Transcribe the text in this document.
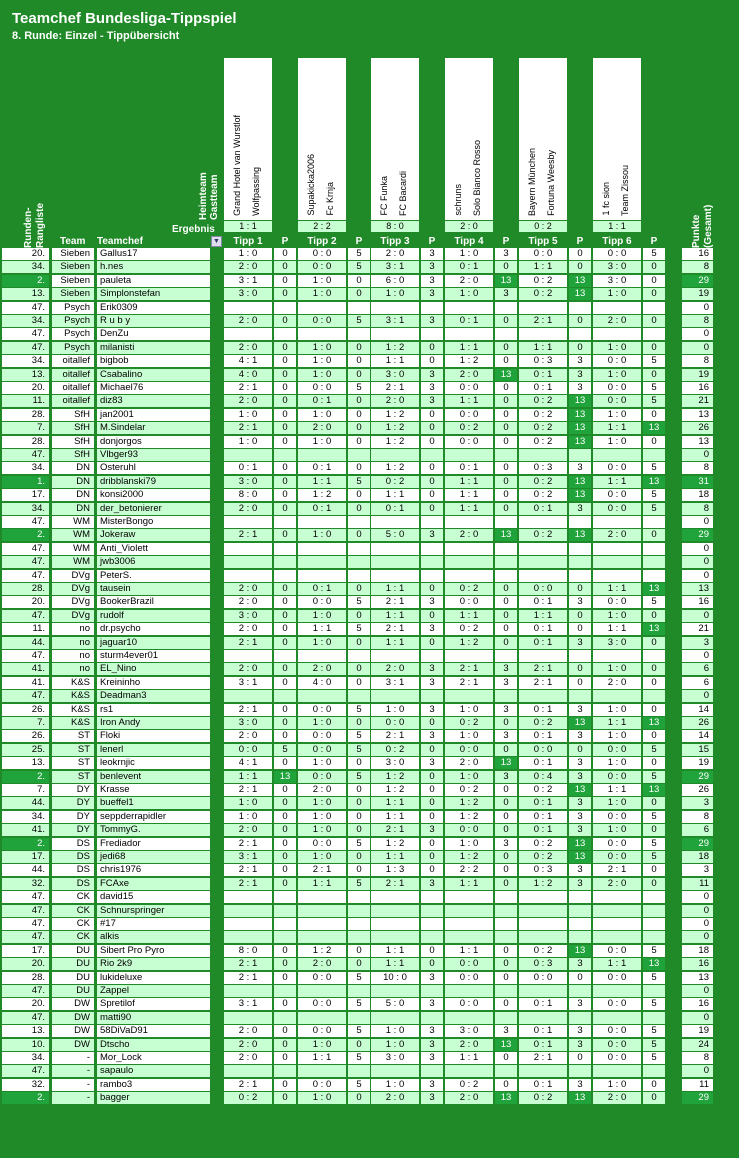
Teamchef Bundesliga-Tippspiel
8. Runde: Einzel - Tippübersicht
Grand Hotel van Wurstlof Wolfpassing
1 : 1
Supakicka2006 Fc Krnja
2 : 2
FC Funka FC Bacardi
8 : 0
schruns Solo Bianco Rosso
2 : 0
Bayern München Fortuna Weesby
0 : 2
1 fc sion Team Zissou
1 : 1
Heimteam Gastteam
Ergebnis
Runden- Rangliste	Punkte (Gesamt)
Team	Teamchef	▼	Tipp 1	P	Tipp 2	P	Tipp 3	P	Tipp 4	P	Tipp 5	P	Tipp 6	P
20.	Sieben	Gallus17	1 : 0	0	0 : 0	5	2 : 0	3	1 : 0	3	0 : 0	0	0 : 0	5	16
34.	Sieben	h.nes	2 : 0	0	0 : 0	5	3 : 1	3	0 : 1	0	1 : 1	0	3 : 0	0	8
2.	Sieben	pauleta	3 : 1	0	1 : 0	0	6 : 0	3	2 : 0	13	0 : 2	13	3 : 0	0	29
13.	Sieben	Simplonstefan	3 : 0	0	1 : 0	0	1 : 0	3	1 : 0	3	0 : 2	13	1 : 0	0	19
47.	Psych	Erik0309	0
34.	Psych	R u b y	2 : 0	0	0 : 0	5	3 : 1	3	0 : 1	0	2 : 1	0	2 : 0	0	8
47.	Psych	DenZu	0
47.	Psych	milanisti	2 : 0	0	1 : 0	0	1 : 2	0	1 : 1	0	1 : 1	0	1 : 0	0	0
34.	oitallef	bigbob	4 : 1	0	1 : 0	0	1 : 1	0	1 : 2	0	0 : 3	3	0 : 0	5	8
13.	oitallef	Csabalino	4 : 0	0	1 : 0	0	3 : 0	3	2 : 0	13	0 : 1	3	1 : 0	0	19
20.	oitallef	Michael76	2 : 1	0	0 : 0	5	2 : 1	3	0 : 0	0	0 : 1	3	0 : 0	5	16
11.	oitallef	diz83	2 : 0	0	0 : 1	0	2 : 0	3	1 : 1	0	0 : 2	13	0 : 0	5	21
28.	SfH	jan2001	1 : 0	0	1 : 0	0	1 : 2	0	0 : 0	0	0 : 2	13	1 : 0	0	13
7.	SfH	M.Sindelar	2 : 1	0	2 : 0	0	1 : 2	0	0 : 2	0	0 : 2	13	1 : 1	13	26
28.	SfH	donjorgos	1 : 0	0	1 : 0	0	1 : 2	0	0 : 0	0	0 : 2	13	1 : 0	0	13
47.	SfH	Vlbger93	0
34.	DN	Osteruhl	0 : 1	0	0 : 1	0	1 : 2	0	0 : 1	0	0 : 3	3	0 : 0	5	8
1.	DN	dribblanski79	3 : 0	0	1 : 1	5	0 : 2	0	1 : 1	0	0 : 2	13	1 : 1	13	31
17.	DN	konsi2000	8 : 0	0	1 : 2	0	1 : 1	0	1 : 1	0	0 : 2	13	0 : 0	5	18
34.	DN	der_betonierer	2 : 0	0	0 : 1	0	0 : 1	0	1 : 1	0	0 : 1	3	0 : 0	5	8
47.	WM	MisterBongo	0
2.	WM	Jokeraw	2 : 1	0	1 : 0	0	5 : 0	3	2 : 0	13	0 : 2	13	2 : 0	0	29
47.	WM	Anti_Violett	0
47.	WM	jwb3006	0
47.	DVg	PeterS.	0
28.	DVg	tausein	2 : 0	0	0 : 1	0	1 : 1	0	0 : 2	0	0 : 0	0	1 : 1	13	13
20.	DVg	BookerBrazil	2 : 0	0	0 : 0	5	2 : 1	3	0 : 0	0	0 : 1	3	0 : 0	5	16
47.	DVg	rudolf	3 : 0	0	1 : 0	0	1 : 1	0	1 : 1	0	1 : 1	0	1 : 0	0	0
11.	no	dr.psycho	2 : 0	0	1 : 1	5	2 : 1	3	0 : 2	0	0 : 1	0	1 : 1	13	21
44.	no	jaguar10	2 : 1	0	1 : 0	0	1 : 1	0	1 : 2	0	0 : 1	3	3 : 0	0	3
47.	no	sturm4ever01	0
41.	no	EL_Nino	2 : 0	0	2 : 0	0	2 : 0	3	2 : 1	3	2 : 1	0	1 : 0	0	6
41.	K&S	Kreininho	3 : 1	0	4 : 0	0	3 : 1	3	2 : 1	3	2 : 1	0	2 : 0	0	6
47.	K&S	Deadman3	0
26.	K&S	rs1	2 : 1	0	0 : 0	5	1 : 0	3	1 : 0	3	0 : 1	3	1 : 0	0	14
7.	K&S	Iron Andy	3 : 0	0	1 : 0	0	0 : 0	0	0 : 2	0	0 : 2	13	1 : 1	13	26
26.	ST	Floki	2 : 0	0	0 : 0	5	2 : 1	3	1 : 0	3	0 : 1	3	1 : 0	0	14
25.	ST	lenerl	0 : 0	5	0 : 0	5	0 : 2	0	0 : 0	0	0 : 0	0	0 : 0	5	15
13.	ST	leokrnjic	4 : 1	0	1 : 0	0	3 : 0	3	2 : 0	13	0 : 1	3	1 : 0	0	19
2.	ST	benlevent	1 : 1	13	0 : 0	5	1 : 2	0	1 : 0	3	0 : 4	3	0 : 0	5	29
7.	DY	Krasse	2 : 1	0	2 : 0	0	1 : 2	0	0 : 2	0	0 : 2	13	1 : 1	13	26
44.	DY	bueffel1	1 : 0	0	1 : 0	0	1 : 1	0	1 : 2	0	0 : 1	3	1 : 0	0	3
34.	DY	seppderrapidler	1 : 0	0	1 : 0	0	1 : 1	0	1 : 2	0	0 : 1	3	0 : 0	5	8
41.	DY	TommyG.	2 : 0	0	1 : 0	0	2 : 1	3	0 : 0	0	0 : 1	3	1 : 0	0	6
2.	DS	Frediador	2 : 1	0	0 : 0	5	1 : 2	0	1 : 0	3	0 : 2	13	0 : 0	5	29
17.	DS	jedi68	3 : 1	0	1 : 0	0	1 : 1	0	1 : 2	0	0 : 2	13	0 : 0	5	18
44.	DS	chris1976	2 : 1	0	2 : 1	0	1 : 3	0	2 : 2	0	0 : 3	3	2 : 1	0	3
32.	DS	FCAxe	2 : 1	0	1 : 1	5	2 : 1	3	1 : 1	0	1 : 2	3	2 : 0	0	11
47.	CK	david15	0
47.	CK	Schnurspringer	0
47.	CK	#17	0
47.	CK	alkis	0
17.	DU	Sibert Pro Pyro	8 : 0	0	1 : 2	0	1 : 1	0	1 : 1	0	0 : 2	13	0 : 0	5	18
20.	DU	Rio 2k9	2 : 1	0	2 : 0	0	1 : 1	0	0 : 0	0	0 : 3	3	1 : 1	13	16
28.	DU	lukideluxe	2 : 1	0	0 : 0	5	10 : 0	3	0 : 0	0	0 : 0	0	0 : 0	5	13
47.	DU	Zappel	0
20.	DW	Spretilof	3 : 1	0	0 : 0	5	5 : 0	3	0 : 0	0	0 : 1	3	0 : 0	5	16
47.	DW	matti90	0
13.	DW	58DiVaD91	2 : 0	0	0 : 0	5	1 : 0	3	3 : 0	3	0 : 1	3	0 : 0	5	19
10.	DW	Dtscho	2 : 0	0	1 : 0	0	1 : 0	3	2 : 0	13	0 : 1	3	0 : 0	5	24
34.	-	Mor_Lock	2 : 0	0	1 : 1	5	3 : 0	3	1 : 1	0	2 : 1	0	0 : 0	5	8
47.	-	sapaulo	0
32.	-	rambo3	2 : 1	0	0 : 0	5	1 : 0	3	0 : 2	0	0 : 1	3	1 : 0	0	11
2.	-	bagger	0 : 2	0	1 : 0	0	2 : 0	3	2 : 0	13	0 : 2	13	2 : 0	0	29
